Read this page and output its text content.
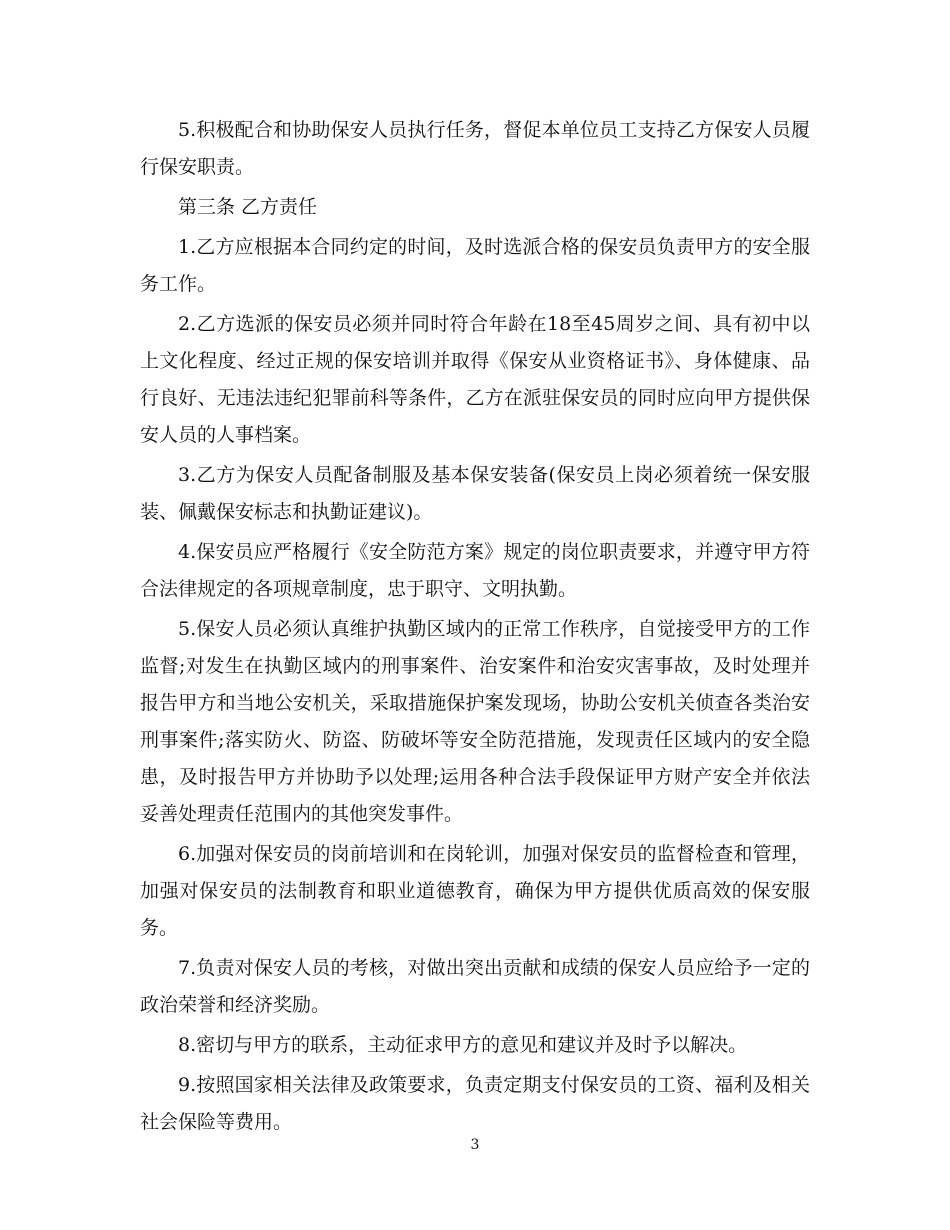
5.积极配合和协助保安人员执行任务，督促本单位员工支持乙方保安人员履行保安职责。

第三条 乙方责任

1.乙方应根据本合同约定的时间，及时选派合格的保安员负责甲方的安全服务工作。

2.乙方选派的保安员必须并同时符合年龄在18至45周岁之间、具有初中以上文化程度、经过正规的保安培训并取得《保安从业资格证书》、身体健康、品行良好、无违法违纪犯罪前科等条件，乙方在派驻保安员的同时应向甲方提供保安人员的人事档案。

3.乙方为保安人员配备制服及基本保安装备(保安员上岗必须着统一保安服装、佩戴保安标志和执勤证建议)。

4.保安员应严格履行《安全防范方案》规定的岗位职责要求，并遵守甲方符合法律规定的各项规章制度，忠于职守、文明执勤。

5.保安人员必须认真维护执勤区域内的正常工作秩序，自觉接受甲方的工作监督;对发生在执勤区域内的刑事案件、治安案件和治安灾害事故，及时处理并报告甲方和当地公安机关，采取措施保护案发现场，协助公安机关侦查各类治安刑事案件;落实防火、防盗、防破坏等安全防范措施，发现责任区域内的安全隐患，及时报告甲方并协助予以处理;运用各种合法手段保证甲方财产安全并依法妥善处理责任范围内的其他突发事件。

6.加强对保安员的岗前培训和在岗轮训，加强对保安员的监督检查和管理，加强对保安员的法制教育和职业道德教育，确保为甲方提供优质高效的保安服务。

7.负责对保安人员的考核，对做出突出贡献和成绩的保安人员应给予一定的政治荣誉和经济奖励。

8.密切与甲方的联系，主动征求甲方的意见和建议并及时予以解决。

9.按照国家相关法律及政策要求，负责定期支付保安员的工资、福利及相关社会保险等费用。

3
